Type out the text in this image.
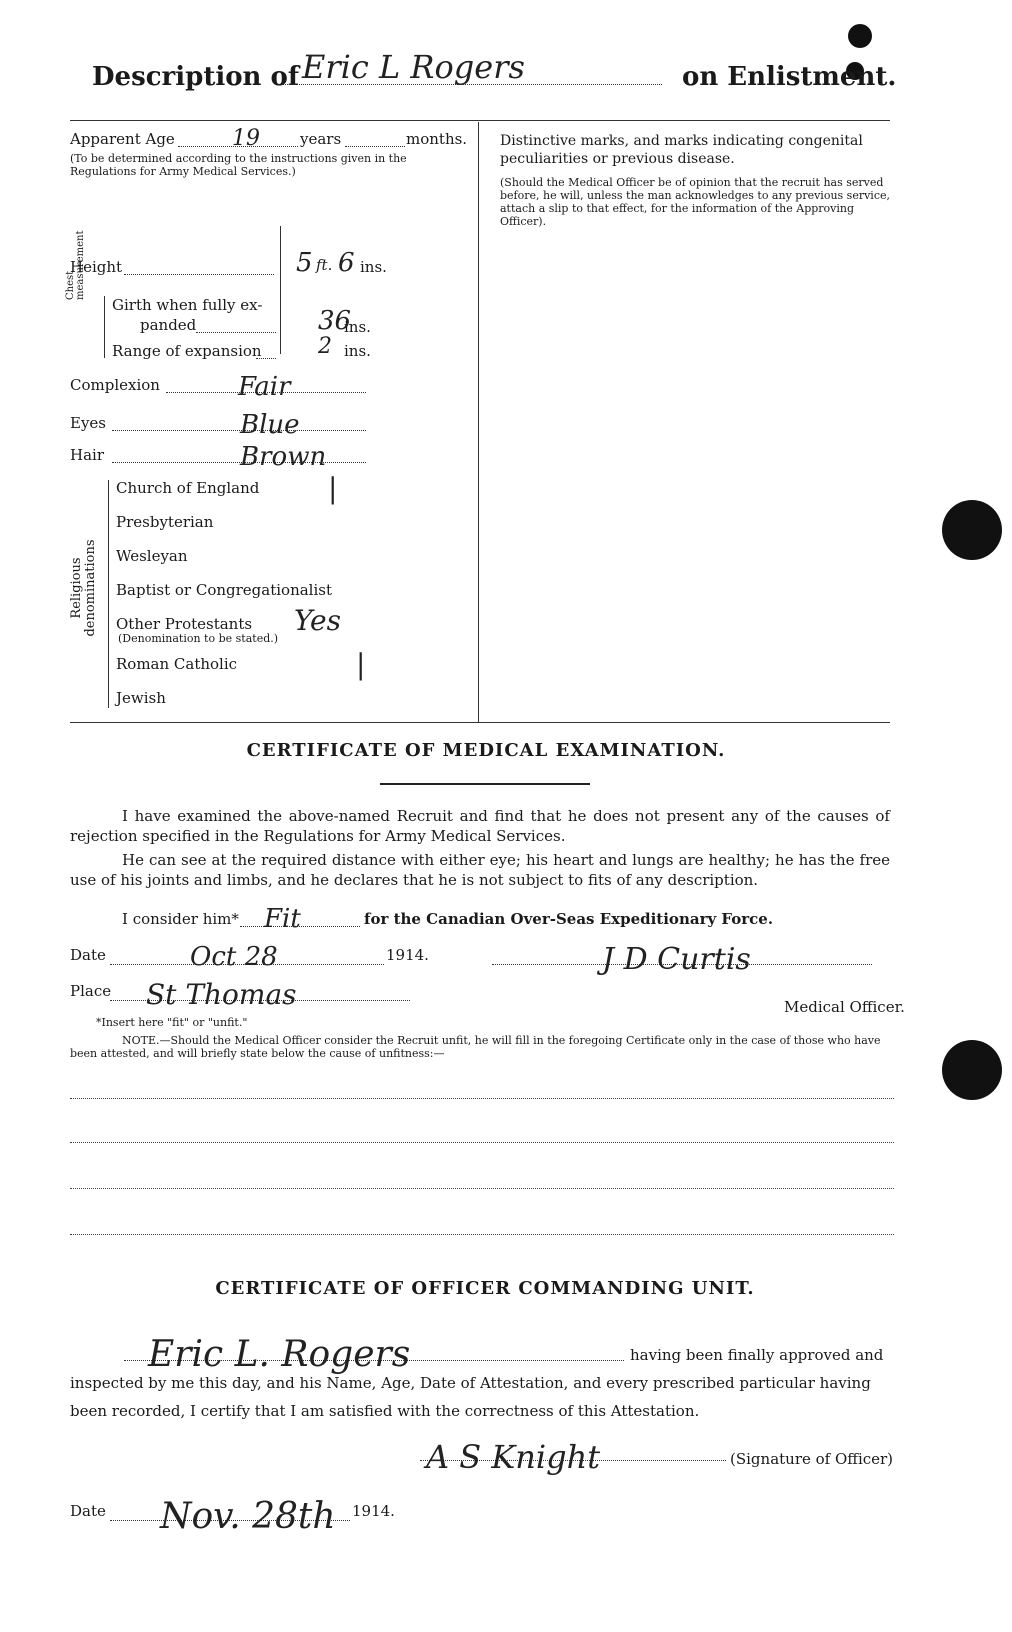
Description of Eric L Rogers	on Enlistment.
Apparent Age	19	years	months.
(To be determined according to the instructions given in the Regulations for Army Medical Services.)
Height	5 ft. 6 ins.
Chest measurement
Girth when fully ex-
panded	36
ins.
Range of expansion	2 ins.
Complexion	Fair
Eyes	Blue
Hair	Brown
Religious denominations
Church of England |
Presbyterian
Wesleyan
Baptist or Congregationalist
Other Protestants Yes
(Denomination to be stated.)
Roman Catholic	|
Jewish
Distinctive marks, and marks indicating congenital peculiarities or previous disease.
(Should the Medical Officer be of opinion that the recruit has served before, he will, unless the man acknowledges to any previous service, attach a slip to that effect, for the information of the Approving Officer).
CERTIFICATE OF MEDICAL EXAMINATION.
I have examined the above-named Recruit and find that he does not present any of the causes of rejection specified in the Regulations for Army Medical Services.
He can see at the required distance with either eye; his heart and lungs are healthy; he has the free use of his joints and limbs, and he declares that he is not subject to fits of any description.
I consider him* Fit	for the Canadian Over-Seas Expeditionary Force.
Date	Oct 28	1914.	J D Curtis
Place	St Thomas	Medical Officer.
*Insert here "fit" or "unfit."
NOTE.—Should the Medical Officer consider the Recruit unfit, he will fill in the foregoing Certificate only in the case of those who have been attested, and will briefly state below the cause of unfitness:—
CERTIFICATE OF OFFICER COMMANDING UNIT.
Eric L. Rogers	having been finally approved and
inspected by me this day, and his Name, Age, Date of Attestation, and every prescribed particular having
been recorded, I certify that I am satisfied with the correctness of this Attestation.
A S Knight	(Signature of Officer)
Date	Nov. 28th	1914.
